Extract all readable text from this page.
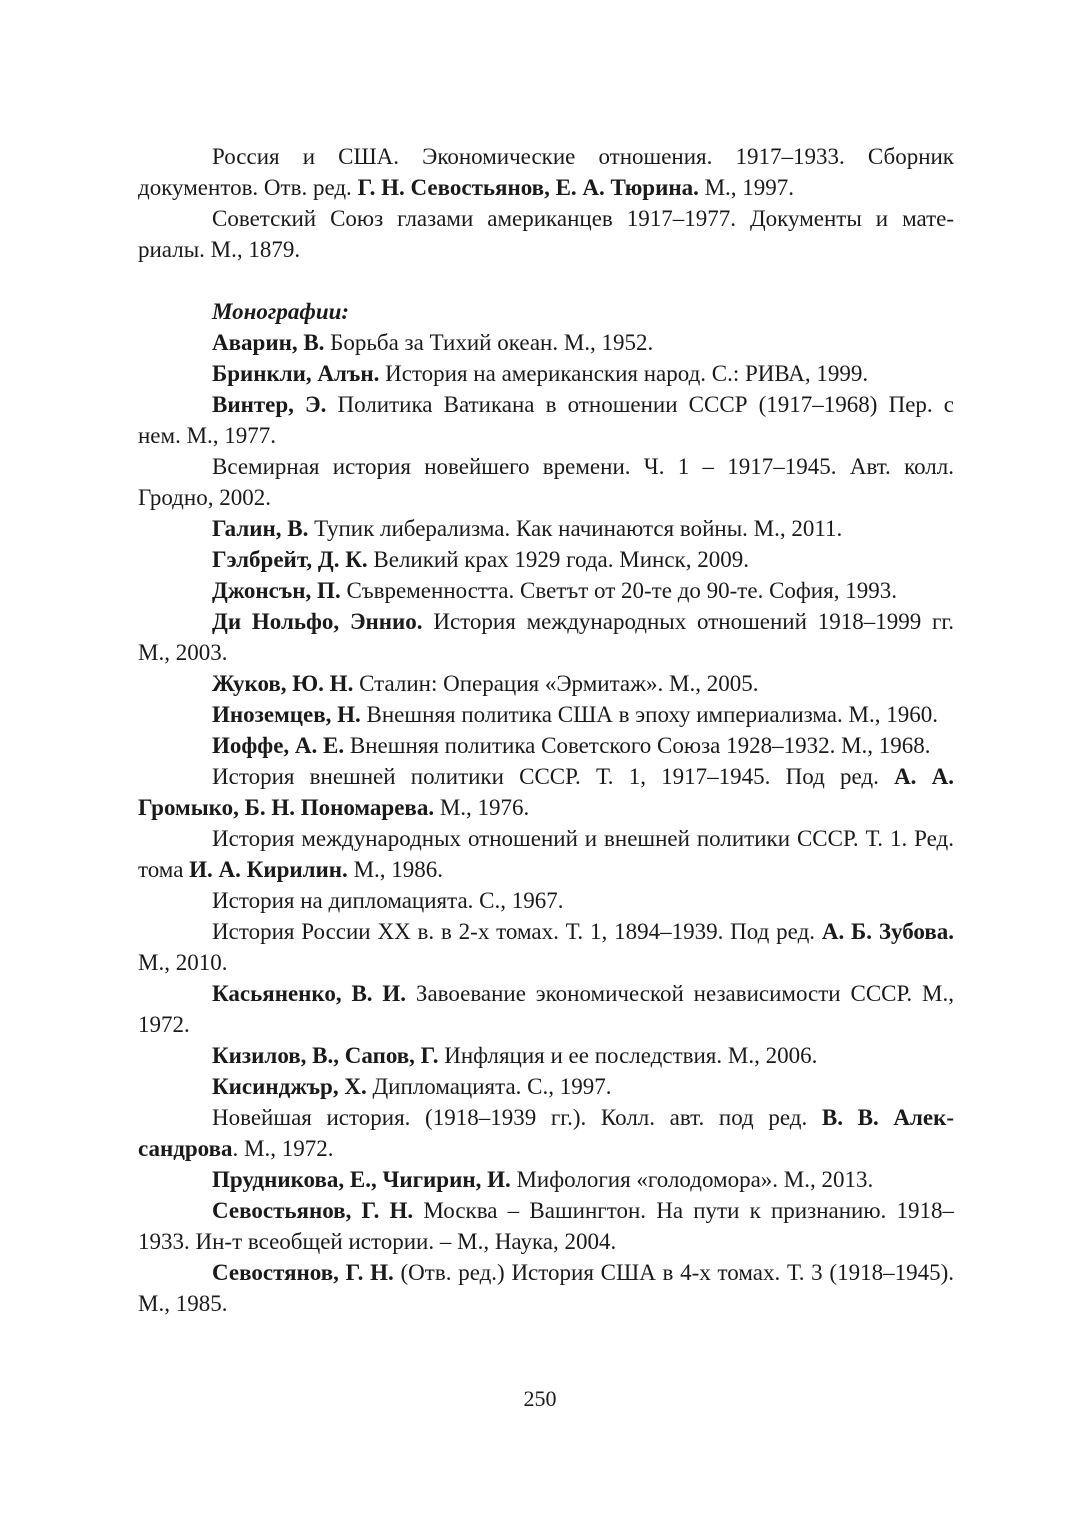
Россия и США. Экономические отношения. 1917–1933. Сборник документов. Отв. ред. Г. Н. Севостьянов, Е. А. Тюрина. М., 1997.

Советский Союз глазами американцев 1917–1977. Документы и мате-риалы. М., 1879.

Монографии:

Аварин, В. Борьба за Тихий океан. М., 1952.

Бринкли, Алън. История на американския народ. С.: РИВА, 1999.

Винтер, Э. Политика Ватикана в отношении СССР (1917–1968) Пер. с нем. М., 1977.

Всемирная история новейшего времени. Ч. 1 – 1917–1945. Авт. колл. Гродно, 2002.

Галин, В. Тупик либерализма. Как начинаются войны. М., 2011.

Гэлбрейт, Д. К. Великий крах 1929 года. Минск, 2009.

Джонсън, П. Съвременността. Светът от 20-те до 90-те. София, 1993.

Ди Нольфо, Эннио. История международных отношений 1918–1999 гг. М., 2003.

Жуков, Ю. Н. Сталин: Операция «Эрмитаж». М., 2005.

Иноземцев, Н. Внешняя политика США в эпоху империализма. М., 1960.

Иоффе, А. Е. Внешняя политика Советского Союза 1928–1932. М., 1968.

История внешней политики СССР. Т. 1, 1917–1945. Под ред. А. А. Громыко, Б. Н. Пономарева. М., 1976.

История международных отношений и внешней политики СССР. Т. 1. Ред. тома И. А. Кирилин. М., 1986.

История на дипломацията. С., 1967.

История России XX в. в 2-х томах. Т. 1, 1894–1939. Под ред. А. Б. Зубова. М., 2010.

Касьяненко, В. И. Завоевание экономической независимости СССР. М., 1972.

Кизилов, В., Сапов, Г. Инфляция и ее последствия. М., 2006.

Кисинджър, Х. Дипломацията. С., 1997.

Новейшая история. (1918–1939 гг.). Колл. авт. под ред. В. В. Алек-сандрова. М., 1972.

Прудникова, Е., Чигирин, И. Мифология «голодомора». М., 2013.

Севостьянов, Г. Н. Москва – Вашингтон. На пути к признанию. 1918–1933. Ин-т всеобщей истории. – М., Наука, 2004.

Севостянов, Г. Н. (Отв. ред.) История США в 4-х томах. Т. 3 (1918–1945). М., 1985.

250
